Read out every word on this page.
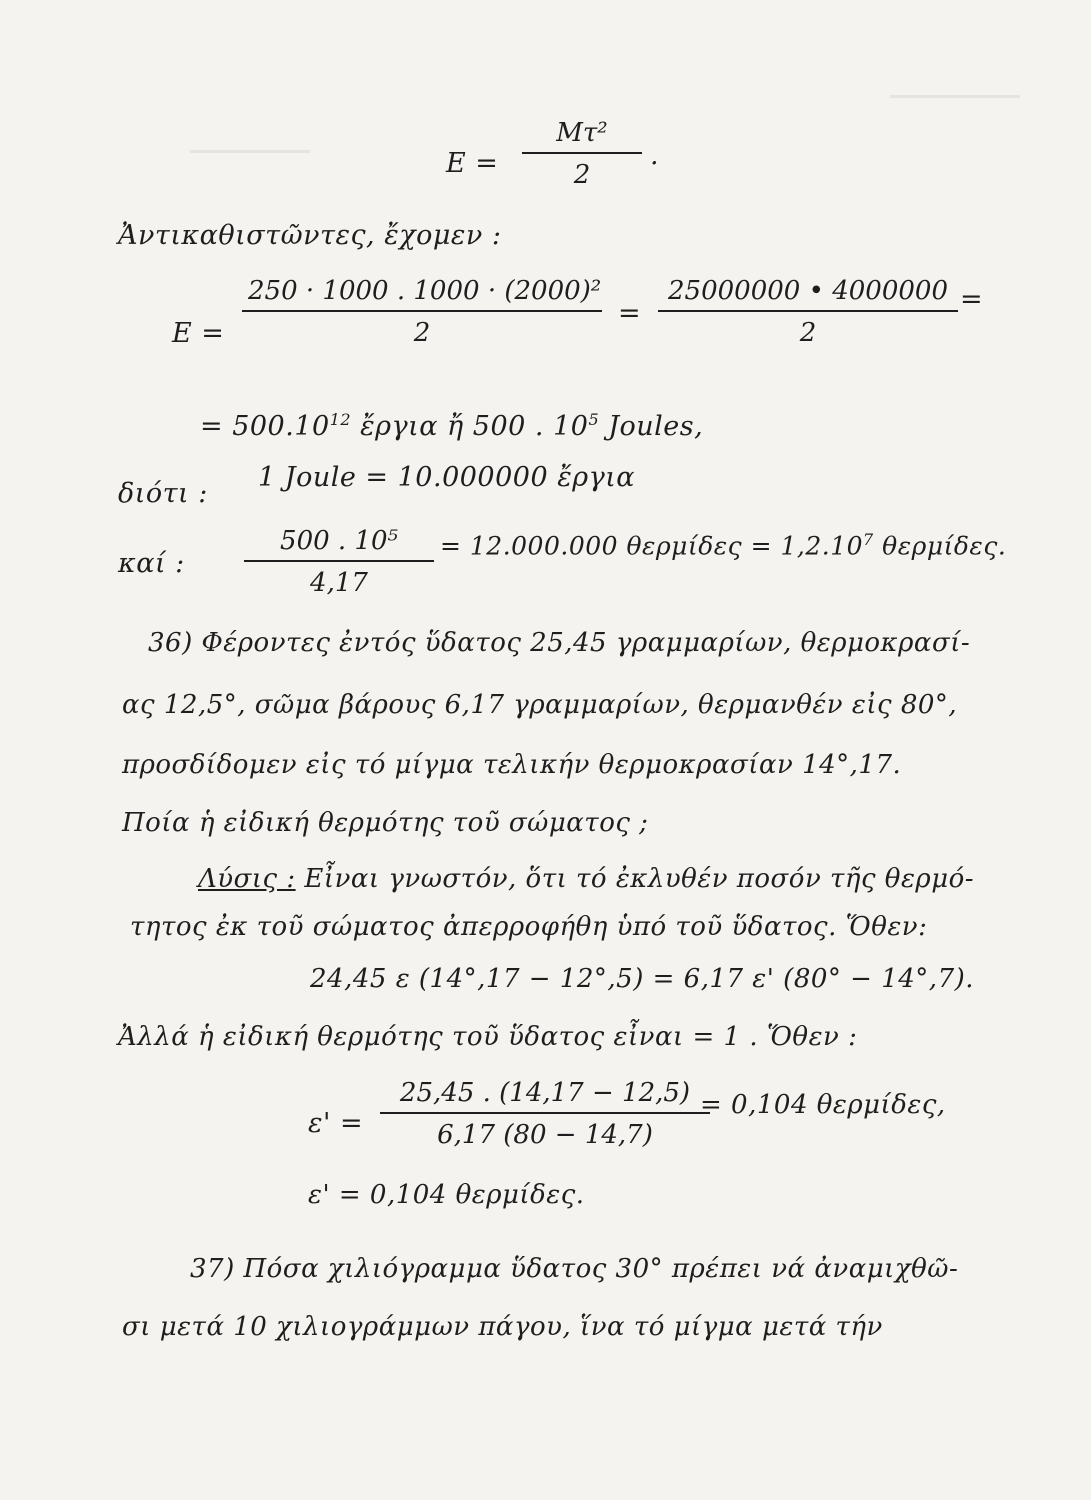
$E = \frac{\text{Mτ²}}{2}$ .
Ἀντικαθιστῶντες, ἔχομεν :
$E = \frac{\text{250 · 1000 . 1000 · (2000)²}}{2} = \frac{25000000 • 4000000}{2}$ =
= $500.10^{12}$ ἔργια ἤ 500 . $10^5$ Joules,
διότι :
1 Joule = 10.000000 ἔργια
καί : $\frac{\text{500 . 10⁵}}{4,17} = 12.000.000$ $\theta\varepsilon\rho\mu ί\delta\varepsilon\varsigma = 1,2.10^7$ θερμίδες.
36) Φέροντες ἐντός ὕδατος 25,45 γραμμαρίων, θερμοκρασί-
ας 12,5°, σῶμα βάρους 6,17 γραμμαρίων, θερμανθέν εἰς 80°,
προσδίδομεν εἰς τό μίγμα τελικήν θερμοκρασίαν 14°,17.
Ποία ἡ εἰδική θερμότης τοῦ σώματος ;
Λύσις : Εἶναι γνωστόν, ὅτι τό ἐκλυθέν ποσόν τῆς θερμό-
τητος ἐκ τοῦ σώματος ἀπερροφήθη ὑπό τοῦ ὕδατος. Ὅθεν:
24,45 ε (14°,17 − 12°,5) = 6,17 ε' (80° − 14°,7).
Ἀλλά ἡ εἰδική θερμότης τοῦ ὕδατος εἶναι = 1 . Ὅθεν :
$\varepsilon' = \frac{25,45 . (14,17 - 12,5)}{6,17 (80 - 14,7)}$
= 0,104 θερμίδες,
ε' = 0,104 θερμίδες.
37) Πόσα χιλιόγραμμα ὕδατος 30° πρέπει νά ἀναμιχθῶ-
σι μετά 10 χιλιογράμμων πάγου, ἵνα τό μίγμα μετά τήν
